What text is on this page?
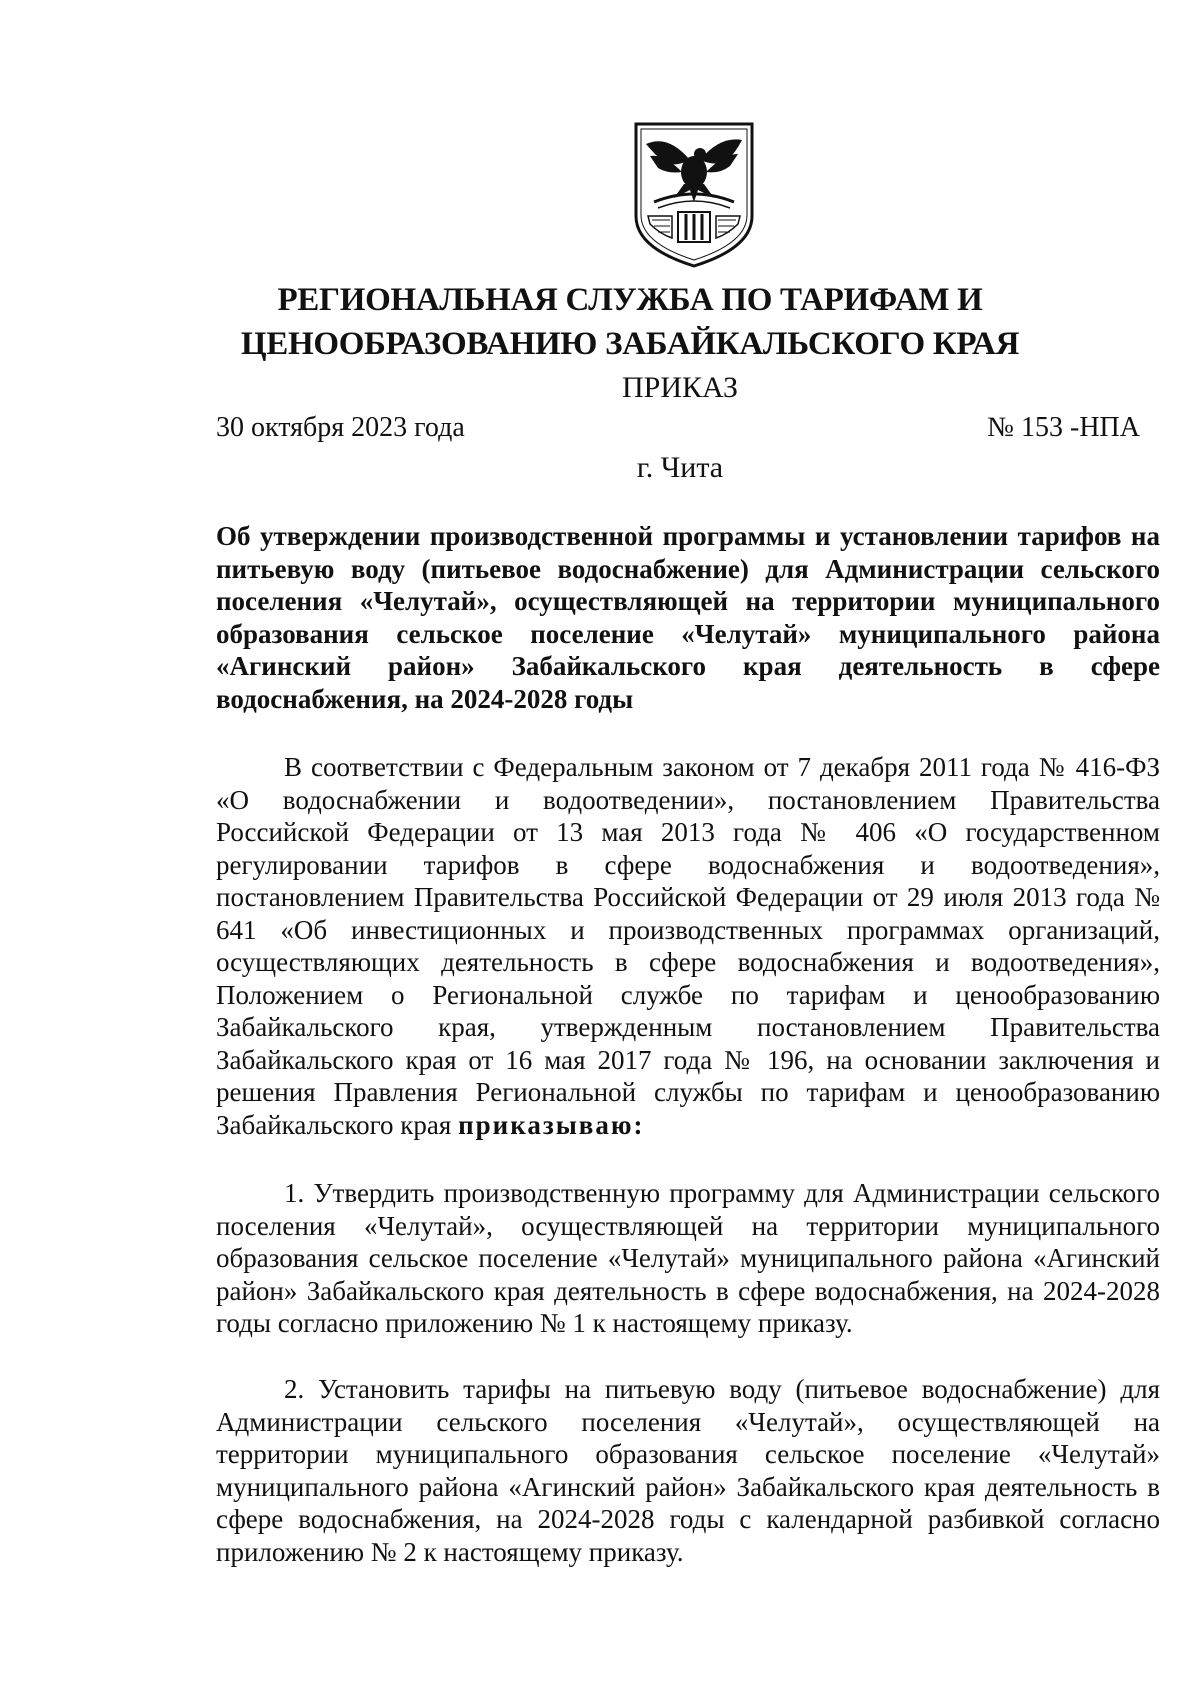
РЕГИОНАЛЬНАЯ СЛУЖБА ПО ТАРИФАМ И
ЦЕНООБРАЗОВАНИЮ ЗАБАЙКАЛЬСКОГО КРАЯ
ПРИКАЗ
30 октября 2023 года	№ 153 -НПА
г. Чита
Об утверждении производственной программы и установлении тарифов на питьевую воду (питьевое водоснабжение) для Администрации сельского поселения «Челутай», осуществляющей на территории муниципального образования сельское поселение «Челутай» муниципального района «Агинский район» Забайкальского края деятельность в сфере водоснабжения, на 2024-2028 годы
В соответствии с Федеральным законом от 7 декабря 2011 года № 416-ФЗ «О водоснабжении и водоотведении», постановлением Правительства Российской Федерации от 13 мая 2013 года № 406 «О государственном регулировании тарифов в сфере водоснабжения и водоотведения», постановлением Правительства Российской Федерации от 29 июля 2013 года № 641 «Об инвестиционных и производственных программах организаций, осуществляющих деятельность в сфере водоснабжения и водоотведения», Положением о Региональной службе по тарифам и ценообразованию Забайкальского края, утвержденным постановлением Правительства Забайкальского края от 16 мая 2017 года № 196, на основании заключения и решения Правления Региональной службы по тарифам и ценообразованию Забайкальского края приказываю:
1. Утвердить производственную программу для Администрации сельского поселения «Челутай», осуществляющей на территории муниципального образования сельское поселение «Челутай» муниципального района «Агинский район» Забайкальского края деятельность в сфере водоснабжения, на 2024-2028 годы согласно приложению № 1 к настоящему приказу.
2. Установить тарифы на питьевую воду (питьевое водоснабжение) для Администрации сельского поселения «Челутай», осуществляющей на территории муниципального образования сельское поселение «Челутай» муниципального района «Агинский район» Забайкальского края деятельность в сфере водоснабжения, на 2024-2028 годы с календарной разбивкой согласно приложению № 2 к настоящему приказу.
